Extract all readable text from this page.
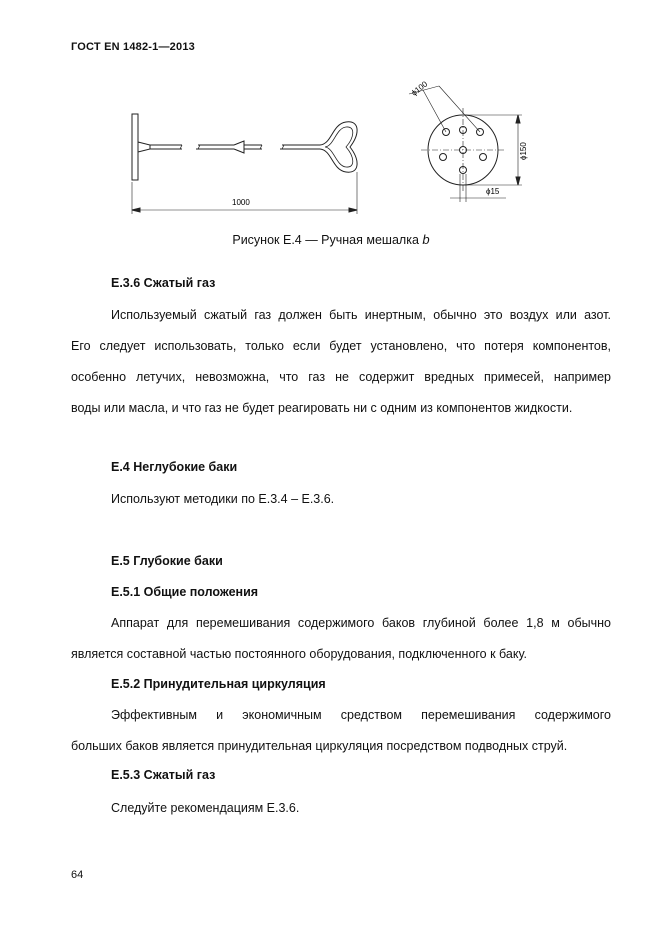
ГОСТ EN 1482-1—2013
1000
ϕ100
ϕ150
ϕ15
Рисунок Е.4 — Ручная мешалка b
Е.3.6 Сжатый газ
Используемый сжатый газ должен быть инертным, обычно это воздух или азот.
Его следует использовать, только если будет установлено, что потеря компонентов,
особенно летучих, невозможна, что газ не содержит вредных примесей, например
воды или масла, и что газ не будет реагировать ни с одним из компонентов жидкости.
Е.4 Неглубокие баки
Используют методики по Е.3.4 – Е.3.6.
Е.5 Глубокие баки
Е.5.1 Общие положения
Аппарат для перемешивания содержимого баков глубиной более 1,8 м обычно
является составной частью постоянного оборудования, подключенного к баку.
Е.5.2 Принудительная циркуляция
Эффективным и экономичным средством перемешивания содержимого
больших баков является принудительная циркуляция посредством подводных струй.
Е.5.3 Сжатый газ
Следуйте рекомендациям Е.3.6.
64
